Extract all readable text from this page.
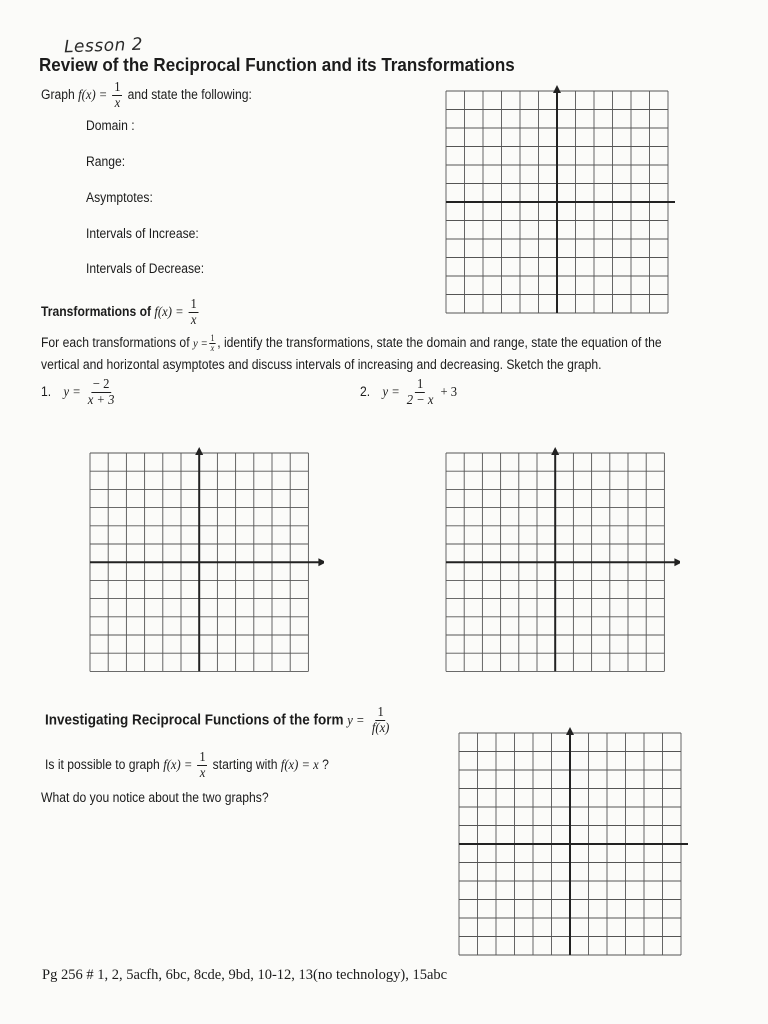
Lesson 2
Review of the Reciprocal Function and its Transformations
Graph $f(x) = \frac{1}{x}$ and state the following:
Domain :
Range:
Asymptotes:
Intervals of Increase:
Intervals of Decrease:
Transformations of $f(x) = \frac{1}{x}$
For each transformations of $y = \frac{1}{x}$ , identify the transformations, state the domain and range, state the equation of the
vertical and horizontal asymptotes and discuss intervals of increasing and decreasing. Sketch the graph.
1. $y = \frac{- 2}{x + 3}$	2. $y = \frac{1}{2 - x} + 3$
Investigating Reciprocal Functions of the form $y = \frac{1}{f(x)}$
Is it possible to graph $f(x) = \frac{1}{x}$ starting with f(x) = x ?
What do you notice about the two graphs?
Pg 256 # 1, 2, 5acfh, 6bc, 8cde, 9bd, 10-12, 13(no technology), 15abc
